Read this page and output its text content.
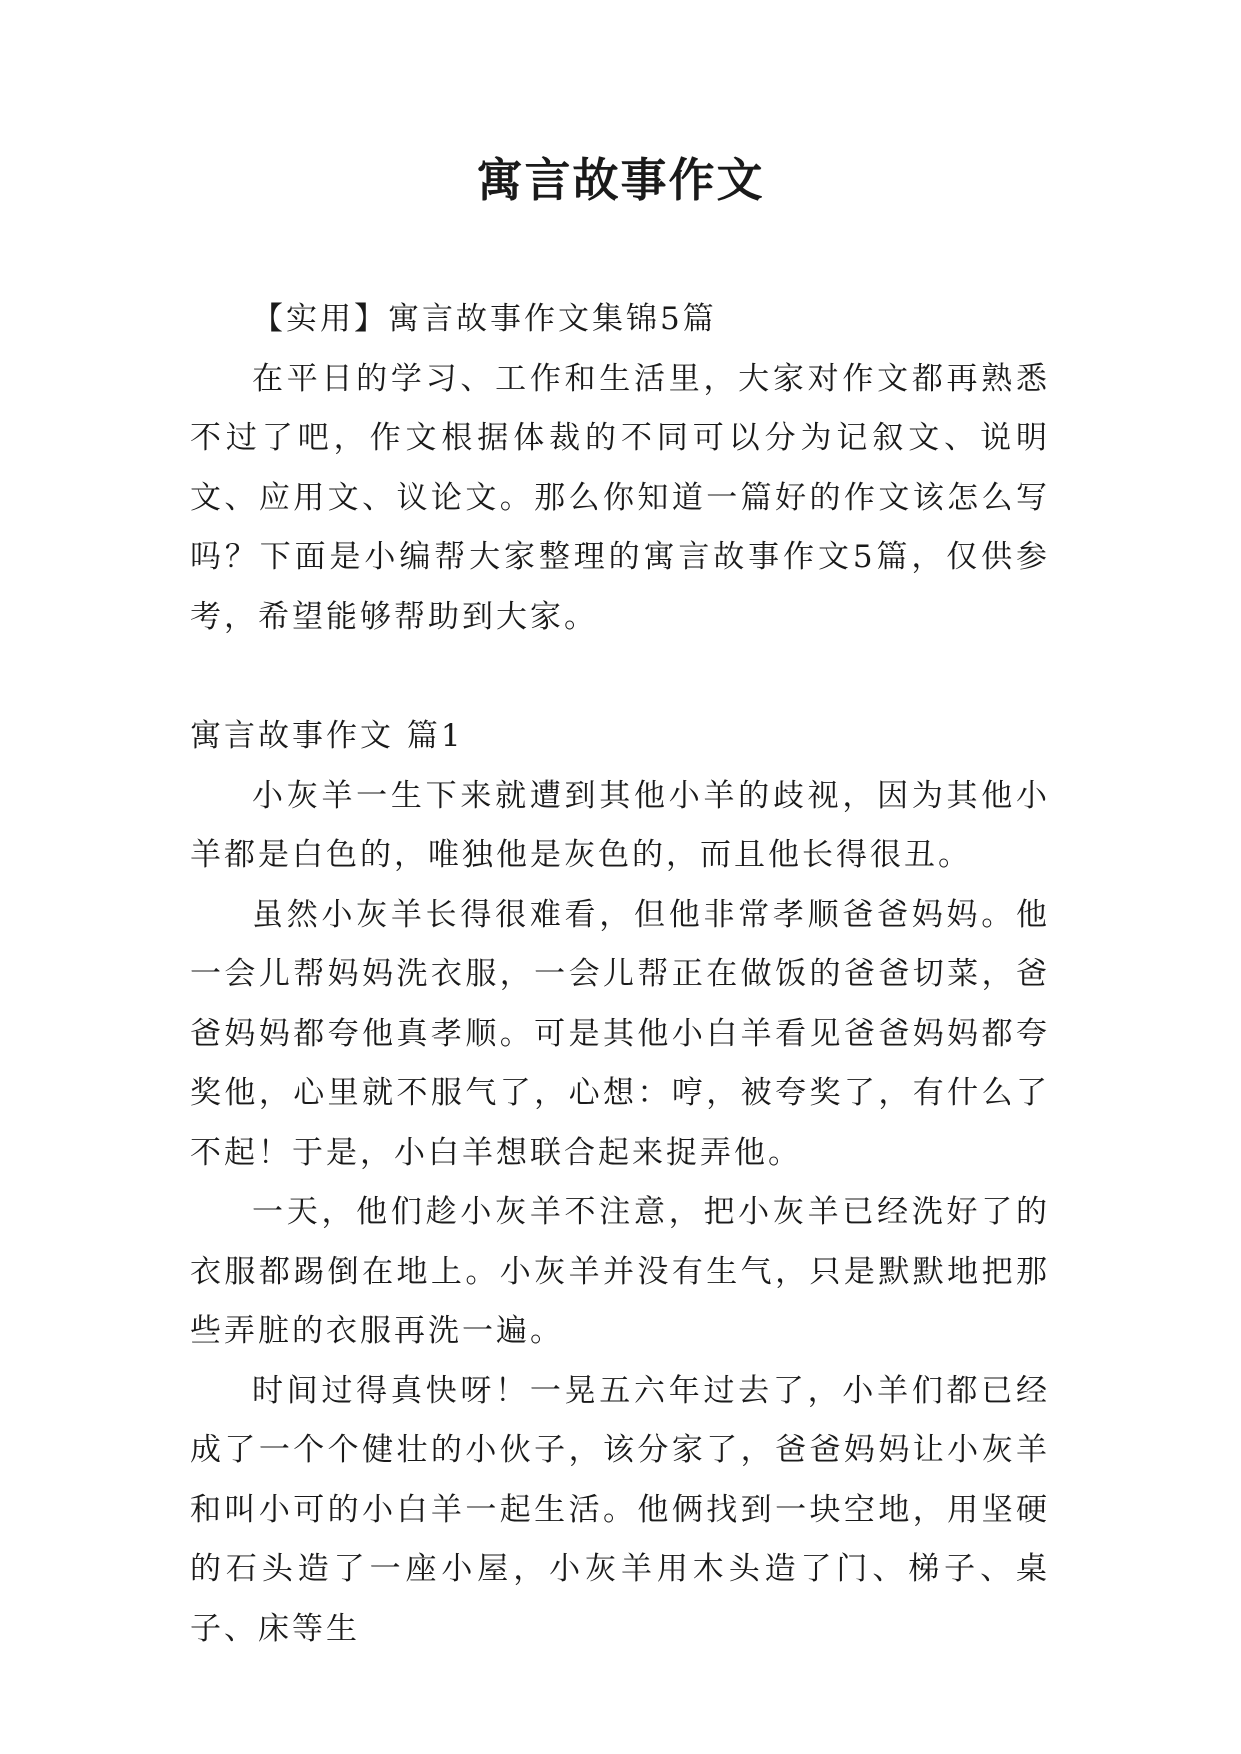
寓言故事作文

【实用】寓言故事作文集锦5篇

在平日的学习、工作和生活里，大家对作文都再熟悉不过了吧，作文根据体裁的不同可以分为记叙文、说明文、应用文、议论文。那么你知道一篇好的作文该怎么写吗？下面是小编帮大家整理的寓言故事作文5篇，仅供参考，希望能够帮助到大家。

寓言故事作文 篇1

小灰羊一生下来就遭到其他小羊的歧视，因为其他小羊都是白色的，唯独他是灰色的，而且他长得很丑。

虽然小灰羊长得很难看，但他非常孝顺爸爸妈妈。他一会儿帮妈妈洗衣服，一会儿帮正在做饭的爸爸切菜，爸爸妈妈都夸他真孝顺。可是其他小白羊看见爸爸妈妈都夸奖他，心里就不服气了，心想：哼，被夸奖了，有什么了不起！于是，小白羊想联合起来捉弄他。

一天，他们趁小灰羊不注意，把小灰羊已经洗好了的衣服都踢倒在地上。小灰羊并没有生气，只是默默地把那些弄脏的衣服再洗一遍。

时间过得真快呀！一晃五六年过去了，小羊们都已经成了一个个健壮的小伙子，该分家了，爸爸妈妈让小灰羊和叫小可的小白羊一起生活。他俩找到一块空地，用坚硬的石头造了一座小屋，小灰羊用木头造了门、梯子、桌子、床等生
